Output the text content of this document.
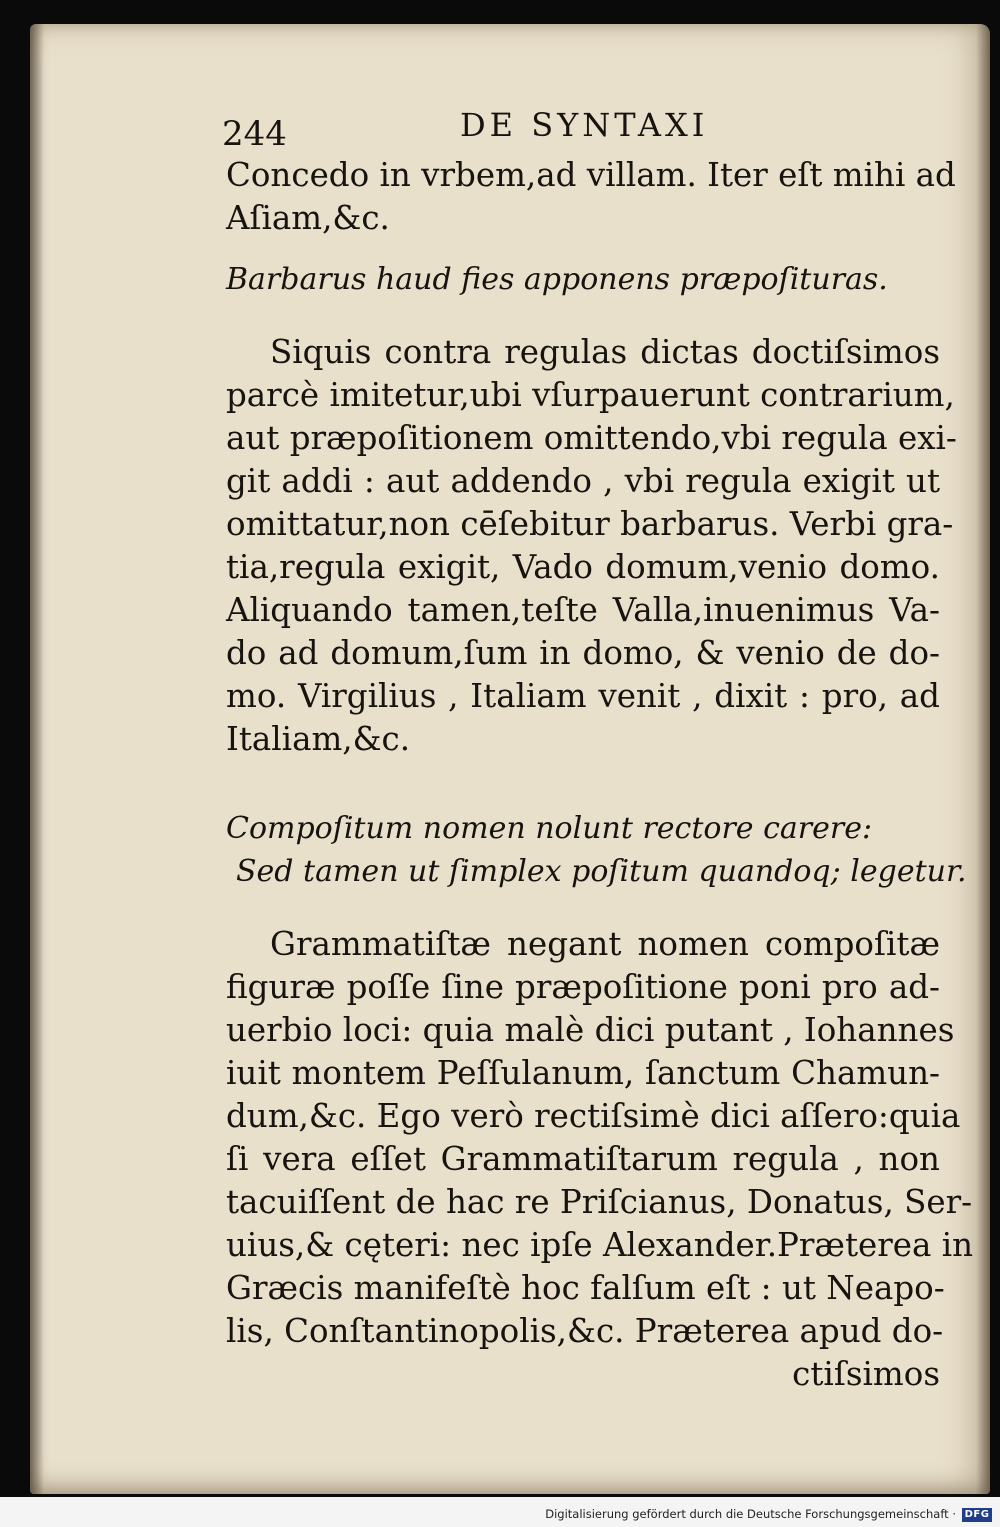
244	DE SYNTAXI
Concedo in vrbem,ad villam. Iter eſt mihi ad
Aſiam,&c.
Barbarus haud fies apponens præpoſituras.
Siquis contra regulas dictas doctiſsimos
parcè imitetur,ubi vſurpauerunt contrarium,
aut præpoſitionem omittendo,vbi regula exi-
git addi : aut addendo , vbi regula exigit ut
omittatur,non cēſebitur barbarus. Verbi gra-
tia,regula exigit, Vado domum,venio domo.
Aliquando tamen,teſte Valla,inuenimus Va-
do ad domum,ſum in domo, & venio de do-
mo. Virgilius , Italiam venit , dixit : pro, ad
Italiam,&c.
Compoſitum nomen nolunt rectore carere:
Sed tamen ut ſimplex poſitum quandoq; legetur.
Grammatiſtæ negant nomen compoſitæ
figuræ poſſe ſine præpoſitione poni pro ad-
uerbio loci: quia malè dici putant , Iohannes
iuit montem Peſſulanum, ſanctum Chamun-
dum,&c. Ego verò rectiſsimè dici aſſero:quia
ſi vera eſſet Grammatiſtarum regula , non
tacuiſſent de hac re Priſcianus, Donatus, Ser-
uius,& cęteri: nec ipſe Alexander.Præterea in
Græcis manifeſtè hoc falſum eſt : ut Neapo-
lis, Conſtantinopolis,&c. Præterea apud do-
ctiſsimos
Digitalisierung gefördert durch die Deutsche Forschungsgemeinschaft · DFG
